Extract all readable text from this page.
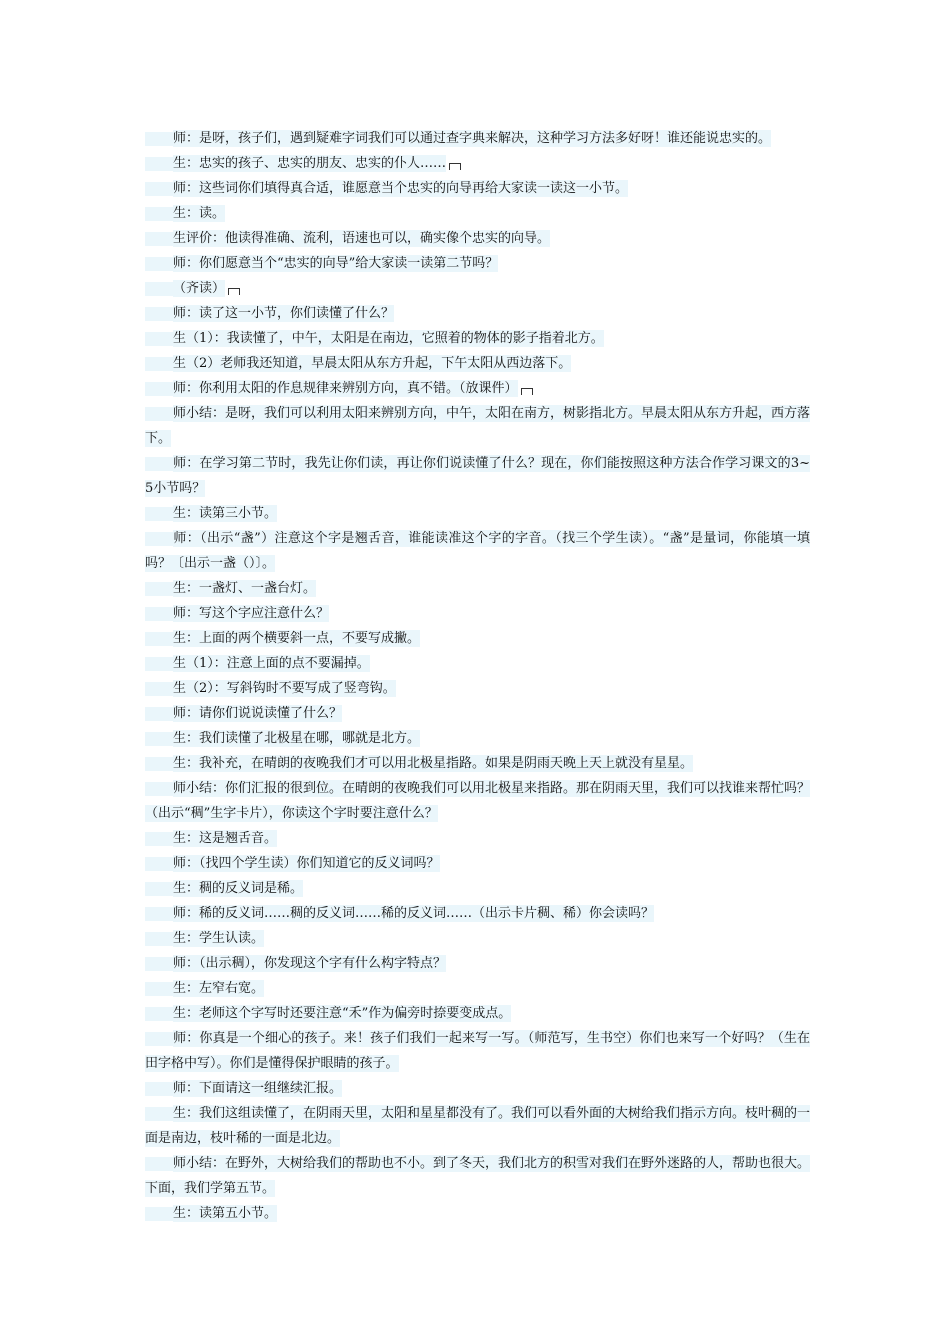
师：是呀，孩子们，遇到疑难字词我们可以通过查字典来解决，这种学习方法多好呀！谁还能说忠实的。

生：忠实的孩子、忠实的朋友、忠实的仆人……

师：这些词你们填得真合适，谁愿意当个忠实的向导再给大家读一读这一小节。

生：读。

生评价：他读得准确、流利，语速也可以，确实像个忠实的向导。

师：你们愿意当个“忠实的向导”给大家读一读第二节吗？

（齐读）

师：读了这一小节，你们读懂了什么？

生（1）：我读懂了，中午，太阳是在南边，它照着的物体的影子指着北方。

生（2）老师我还知道，早晨太阳从东方升起，下午太阳从西边落下。

师：你利用太阳的作息规律来辨别方向，真不错。（放课件）

师小结：是呀，我们可以利用太阳来辨别方向，中午，太阳在南方，树影指北方。早晨太阳从东方升起，西方落下。

师：在学习第二节时，我先让你们读，再让你们说读懂了什么？现在，你们能按照这种方法合作学习课文的3~5小节吗？

生：读第三小节。

师：（出示“盏”）注意这个字是翘舌音，谁能读准这个字的字音。（找三个学生读）。“盏”是量词，你能填一填吗？〔出示一盏（）〕。

生：一盏灯、一盏台灯。

师：写这个字应注意什么？

生：上面的两个横要斜一点，不要写成撇。

生（1）：注意上面的点不要漏掉。

生（2）：写斜钩时不要写成了竖弯钩。

师：请你们说说读懂了什么？

生：我们读懂了北极星在哪，哪就是北方。

生：我补充，在晴朗的夜晚我们才可以用北极星指路。如果是阴雨天晚上天上就没有星星。

师小结：你们汇报的很到位。在晴朗的夜晚我们可以用北极星来指路。那在阴雨天里，我们可以找谁来帮忙吗？（出示“稠”生字卡片），你读这个字时要注意什么？

生：这是翘舌音。

师：（找四个学生读）你们知道它的反义词吗？

生：稠的反义词是稀。

师：稀的反义词……稠的反义词……稀的反义词……（出示卡片稠、稀）你会读吗？

生：学生认读。

师：（出示稠），你发现这个字有什么构字特点？

生：左窄右宽。

生：老师这个字写时还要注意“禾”作为偏旁时捺要变成点。

师：你真是一个细心的孩子。来！孩子们我们一起来写一写。（师范写，生书空）你们也来写一个好吗？（生在田字格中写）。你们是懂得保护眼睛的孩子。

师：下面请这一组继续汇报。

生：我们这组读懂了，在阴雨天里，太阳和星星都没有了。我们可以看外面的大树给我们指示方向。枝叶稠的一面是南边，枝叶稀的一面是北边。

师小结：在野外，大树给我们的帮助也不小。到了冬天，我们北方的积雪对我们在野外迷路的人，帮助也很大。下面，我们学第五节。

生：读第五小节。
